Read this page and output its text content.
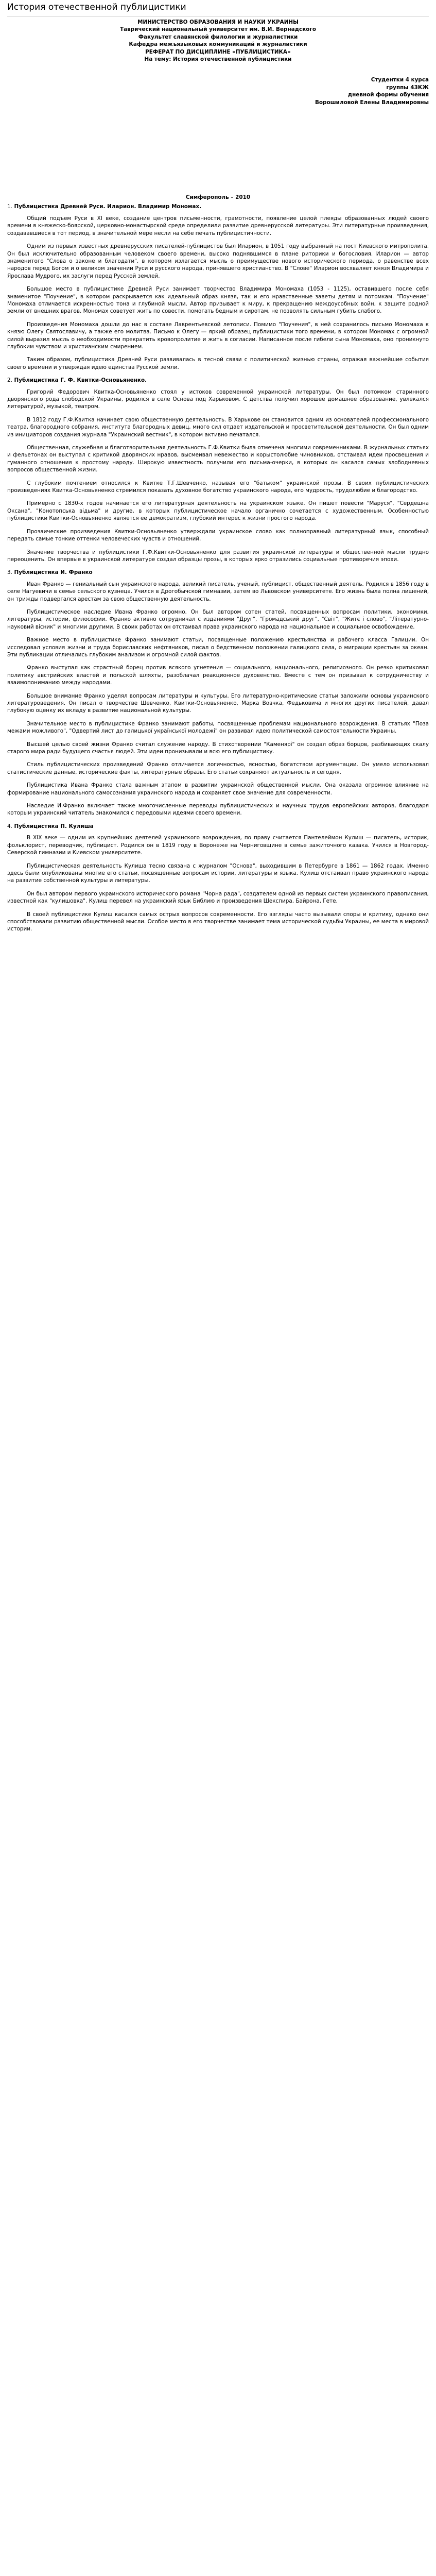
История отечественной публицистики
МИНИСТЕРСТВО ОБРАЗОВАНИЯ И НАУКИ УКРАИНЫ
Таврический национальный университет им. В.И. Вернадского
Факультет славянской филологии и журналистики
Кафедра межъязыковых коммуникаций и журналистики
РЕФЕРАТ ПО ДИСЦИПЛИНЕ «ПУБЛИЦИСТИКА»
На тему: История отечественной публицистики
Студентки 4 курса
группы 43КЖ
дневной формы обучения
Ворошиловой Елены Владимировны
Симферополь – 2010
1. Публицистика Древней Руси. Иларион. Владимир Мономах.

Общий подъем Руси в XI веке, создание центров письменности, грамотности, появление целой плеяды образованных людей своего времени в княжеско-боярской, церковно-монастырской среде определили развитие древнерусской литературы. Эти литературные произведения, создававшиеся в тот период, в значительной мере несли на себе печать публицистичности.

Одним из первых известных древнерусских писателей-публицистов был Иларион, в 1051 году выбранный на пост Киевского митрополита. Он был исключительно образованным человеком своего времени, высоко поднявшимся в плане риторики и богословия. Иларион — автор знаменитого "Слова о законе и благодати", в котором излагается мысль о преимуществе нового исторического периода, о равенстве всех народов перед Богом и о великом значении Руси и русского народа, принявшего христианство. В "Слове" Иларион восхваляет князя Владимира и Ярослава Мудрого, их заслуги перед Русской землей.

Большое место в публицистике Древней Руси занимает творчество Владимира Мономаха (1053 - 1125), оставившего после себя знаменитое "Поучение", в котором раскрывается как идеальный образ князя, так и его нравственные заветы детям и потомкам. "Поучение" Мономаха отличается искренностью тона и глубиной мысли. Автор призывает к миру, к прекращению междоусобных войн, к защите родной земли от внешних врагов. Мономах советует жить по совести, помогать бедным и сиротам, не позволять сильным губить слабого.

Произведения Мономаха дошли до нас в составе Лаврентьевской летописи. Помимо "Поучения", в ней сохранилось письмо Мономаха к князю Олегу Святославичу, а также его молитва. Письмо к Олегу — яркий образец публицистики того времени, в котором Мономах с огромной силой выразил мысль о необходимости прекратить кровопролитие и жить в согласии. Написанное после гибели сына Мономаха, оно проникнуто глубоким чувством и христианским смирением.

Таким образом, публицистика Древней Руси развивалась в тесной связи с политической жизнью страны, отражая важнейшие события своего времени и утверждая идею единства Русской земли.

2. Публицистика Г. Ф. Квитки-Основьяненко.

Григорий Федорович Квитка-Основьяненко стоял у истоков современной украинской литературы. Он был потомком старинного дворянского рода слободской Украины, родился в селе Основа под Харьковом. С детства получил хорошее домашнее образование, увлекался литературой, музыкой, театром.

В 1812 году Г.Ф.Квитка начинает свою общественную деятельность. В Харькове он становится одним из основателей профессионального театра, благородного собрания, института благородных девиц, много сил отдает издательской и просветительской деятельности. Он был одним из инициаторов создания журнала "Украинский вестник", в котором активно печатался.

Общественная, служебная и благотворительная деятельность Г.Ф.Квитки была отмечена многими современниками. В журнальных статьях и фельетонах он выступал с критикой дворянских нравов, высмеивал невежество и корыстолюбие чиновников, отстаивал идеи просвещения и гуманного отношения к простому народу. Широкую известность получили его письма-очерки, в которых он касался самых злободневных вопросов общественной жизни.

С глубоким почтением относился к Квитке Т.Г.Шевченко, называя его "батьком" украинской прозы. В своих публицистических произведениях Квитка-Основьяненко стремился показать духовное богатство украинского народа, его мудрость, трудолюбие и благородство.

Примерно с 1830-х годов начинается его литературная деятельность на украинском языке. Он пишет повести "Маруся", "Сердешна Оксана", "Конотопська відьма" и другие, в которых публицистическое начало органично сочетается с художественным. Особенностью публицистики Квитки-Основьяненко является ее демократизм, глубокий интерес к жизни простого народа.

Прозаические произведения Квитки-Основьяненко утверждали украинское слово как полноправный литературный язык, способный передать самые тонкие оттенки человеческих чувств и отношений.

Значение творчества и публицистики Г.Ф.Квитки-Основьяненко для развития украинской литературы и общественной мысли трудно переоценить. Он впервые в украинской литературе создал образцы прозы, в которых ярко отразились социальные противоречия эпохи.

3. Публицистика И. Франко

Иван Франко — гениальный сын украинского народа, великий писатель, ученый, публицист, общественный деятель. Родился в 1856 году в селе Нагуевичи в семье сельского кузнеца. Учился в Дрогобычской гимназии, затем во Львовском университете. Его жизнь была полна лишений, он трижды подвергался арестам за свою общественную деятельность.

Публицистическое наследие Ивана Франко огромно. Он был автором сотен статей, посвященных вопросам политики, экономики, литературы, истории, философии. Франко активно сотрудничал с изданиями "Друг", "Громадський друг", "Світ", "Житє і слово", "Літературно-науковий вісник" и многими другими. В своих работах он отстаивал права украинского народа на национальное и социальное освобождение.

Важное место в публицистике Франко занимают статьи, посвященные положению крестьянства и рабочего класса Галиции. Он исследовал условия жизни и труда бориславских нефтяников, писал о бедственном положении галицкого села, о миграции крестьян за океан. Эти публикации отличались глубоким анализом и огромной силой фактов.

Франко выступал как страстный борец против всякого угнетения — социального, национального, религиозного. Он резко критиковал политику австрийских властей и польской шляхты, разоблачал реакционное духовенство. Вместе с тем он призывал к сотрудничеству и взаимопониманию между народами.

Большое внимание Франко уделял вопросам литературы и культуры. Его литературно-критические статьи заложили основы украинского литературоведения. Он писал о творчестве Шевченко, Квитки-Основьяненко, Марка Вовчка, Федьковича и многих других писателей, давал глубокую оценку их вкладу в развитие национальной культуры.

Значительное место в публицистике Франко занимают работы, посвященные проблемам национального возрождения. В статьях "Поза межами можливого", "Одвертий лист до галицької української молодежі" он развивал идею политической самостоятельности Украины.

Высшей целью своей жизни Франко считал служение народу. В стихотворении "Каменярі" он создал образ борцов, разбивающих скалу старого мира ради будущего счастья людей. Эти идеи пронизывали и всю его публицистику.

Стиль публицистических произведений Франко отличается логичностью, ясностью, богатством аргументации. Он умело использовал статистические данные, исторические факты, литературные образы. Его статьи сохраняют актуальность и сегодня.

Публицистика Ивана Франко стала важным этапом в развитии украинской общественной мысли. Она оказала огромное влияние на формирование национального самосознания украинского народа и сохраняет свое значение для современности.

Наследие И.Франко включает также многочисленные переводы публицистических и научных трудов европейских авторов, благодаря которым украинский читатель знакомился с передовыми идеями своего времени.

4. Публицистика П. Кулиша

В XIX веке — одним из крупнейших деятелей украинского возрождения, по праву считается Пантелеймон Кулиш — писатель, историк, фольклорист, переводчик, публицист. Родился он в 1819 году в Воронеже на Черниговщине в семье зажиточного казака. Учился в Новгород-Северской гимназии и Киевском университете.

Публицистическая деятельность Кулиша тесно связана с журналом "Основа", выходившим в Петербурге в 1861 — 1862 годах. Именно здесь были опубликованы многие его статьи, посвященные вопросам истории, литературы и языка. Кулиш отстаивал право украинского народа на развитие собственной культуры и литературы.

Он был автором первого украинского исторического романа "Чорна рада", создателем одной из первых систем украинского правописания, известной как "кулишовка". Кулиш перевел на украинский язык Библию и произведения Шекспира, Байрона, Гете.

В своей публицистике Кулиш касался самых острых вопросов современности. Его взгляды часто вызывали споры и критику, однако они способствовали развитию общественной мысли. Особое место в его творчестве занимает тема исторической судьбы Украины, ее места в мировой истории.
